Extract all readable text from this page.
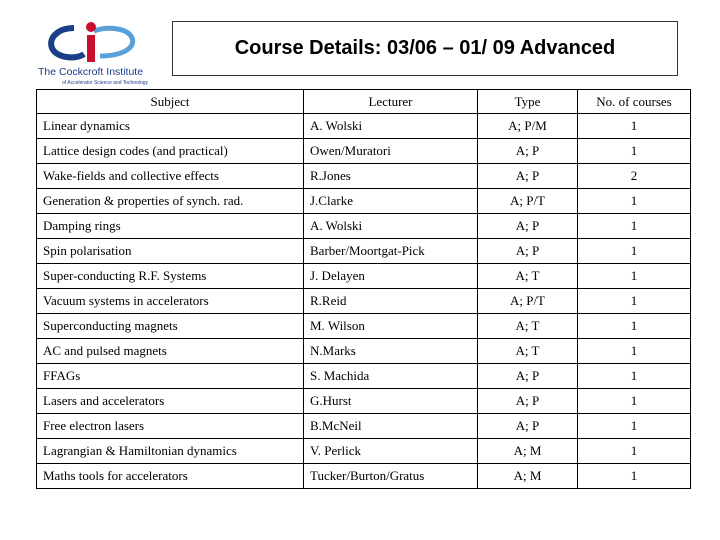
The Cockcroft Institute
of Accelerator Science and Technology
Course Details: 03/06 – 01/ 09 Advanced
Subject	Lecturer	Type	No. of courses
Linear dynamics	A. Wolski	A; P/M	1
Lattice design codes (and practical)	Owen/Muratori	A; P	1
Wake-fields and collective effects	R.Jones	A; P	2
Generation & properties of synch. rad.	J.Clarke	A; P/T	1
Damping rings	A. Wolski	A; P	1
Spin polarisation	Barber/Moortgat-Pick	A; P	1
Super-conducting R.F. Systems	J. Delayen	A; T	1
Vacuum systems in accelerators	R.Reid	A; P/T	1
Superconducting magnets	M. Wilson	A; T	1
AC and pulsed magnets	N.Marks	A; T	1
FFAGs	S. Machida	A; P	1
Lasers and accelerators	G.Hurst	A; P	1
Free electron lasers	B.McNeil	A; P	1
Lagrangian & Hamiltonian dynamics	V. Perlick	A; M	1
Maths tools for accelerators	Tucker/Burton/Gratus	A; M	1
